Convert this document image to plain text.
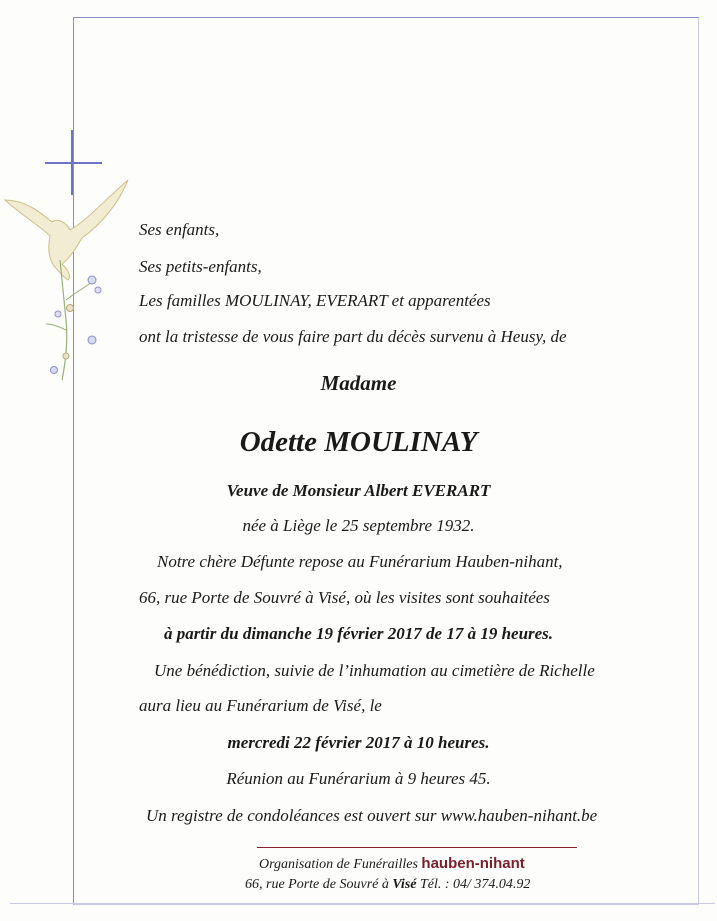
Ses enfants,
Ses petits-enfants,
Les familles MOULINAY, EVERART et apparentées
ont la tristesse de vous faire part du décès survenu à Heusy, de
Madame
Odette MOULINAY
Veuve de Monsieur Albert EVERART
née à Liège le 25 septembre 1932.
Notre chère Défunte repose au Funérarium Hauben-nihant,
66, rue Porte de Souvré à Visé, où les visites sont souhaitées
à partir du dimanche 19 février 2017 de 17 à 19 heures.
Une bénédiction, suivie de l’inhumation au cimetière de Richelle
aura lieu au Funérarium de Visé, le
mercredi 22 février 2017 à 10 heures.
Réunion au Funérarium à 9 heures 45.
Un registre de condoléances est ouvert sur www.hauben-nihant.be
Organisation de Funérailles hauben-nihant
66, rue Porte de Souvré à Visé Tél. : 04/ 374.04.92
